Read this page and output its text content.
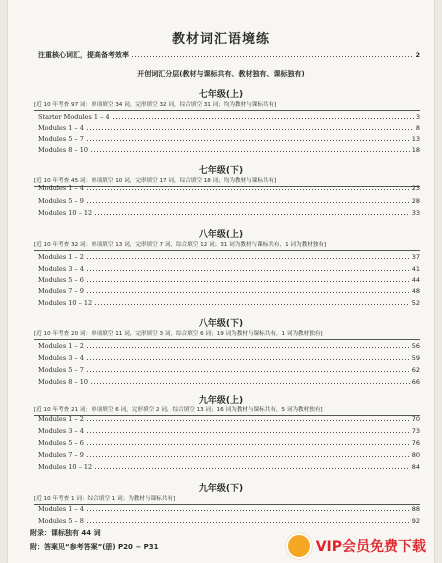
教材词汇语境练
注重核心词汇，提高备考效率	2
开创词汇分层(教材与课标共有、教材独有、课标独有)
七年级(上)
[近 10 年考查 97 词：单项填空 34 词，完形填空 32 词，综合填空 31 词；均为教材与课标共有]
Starter Modules 1 – 4	3
Modules 1 – 4	8
Modules 5 – 7	13
Modules 8 – 10	18
七年级(下)
[近 10 年考查 45 词：单项填空 10 词，完形填空 17 词，综合填空 18 词；均为教材与课标共有]
Modules 1 – 4	23
Modules 5 – 9	28
Modules 10 – 12	33
八年级(上)
[近 10 年考查 32 词：单项填空 13 词，完形填空 7 词，综合填空 12 词；31 词为教材与课标共有，1 词为教材独有]
Modules 1 – 2	37
Modules 3 – 4	41
Modules 5 – 6	44
Modules 7 – 9	48
Modules 10 – 12	52
八年级(下)
[近 10 年考查 20 词：单项填空 11 词，完形填空 3 词，综合填空 6 词；19 词为教材与课标共有，1 词为教材独有]
Modules 1 – 2	56
Modules 3 – 4	59
Modules 5 – 7	62
Modules 8 – 10	66
九年级(上)
[近 10 年考查 21 词：单项填空 6 词，完形填空 2 词，综合填空 13 词；16 词为教材与课标共有，5 词为教材独有]
Modules 1 – 2	70
Modules 3 – 4	73
Modules 5 – 6	76
Modules 7 – 9	80
Modules 10 – 12	84
九年级(下)
[近 10 年考查 1 词：综合填空 1 词；为教材与课标共有]
Modules 1 – 4	88
Modules 5 – 8	92
附录：课标独有 44 词
附：答案见“参考答案”(册) P20 ~ P31	VIP会员免费下载
